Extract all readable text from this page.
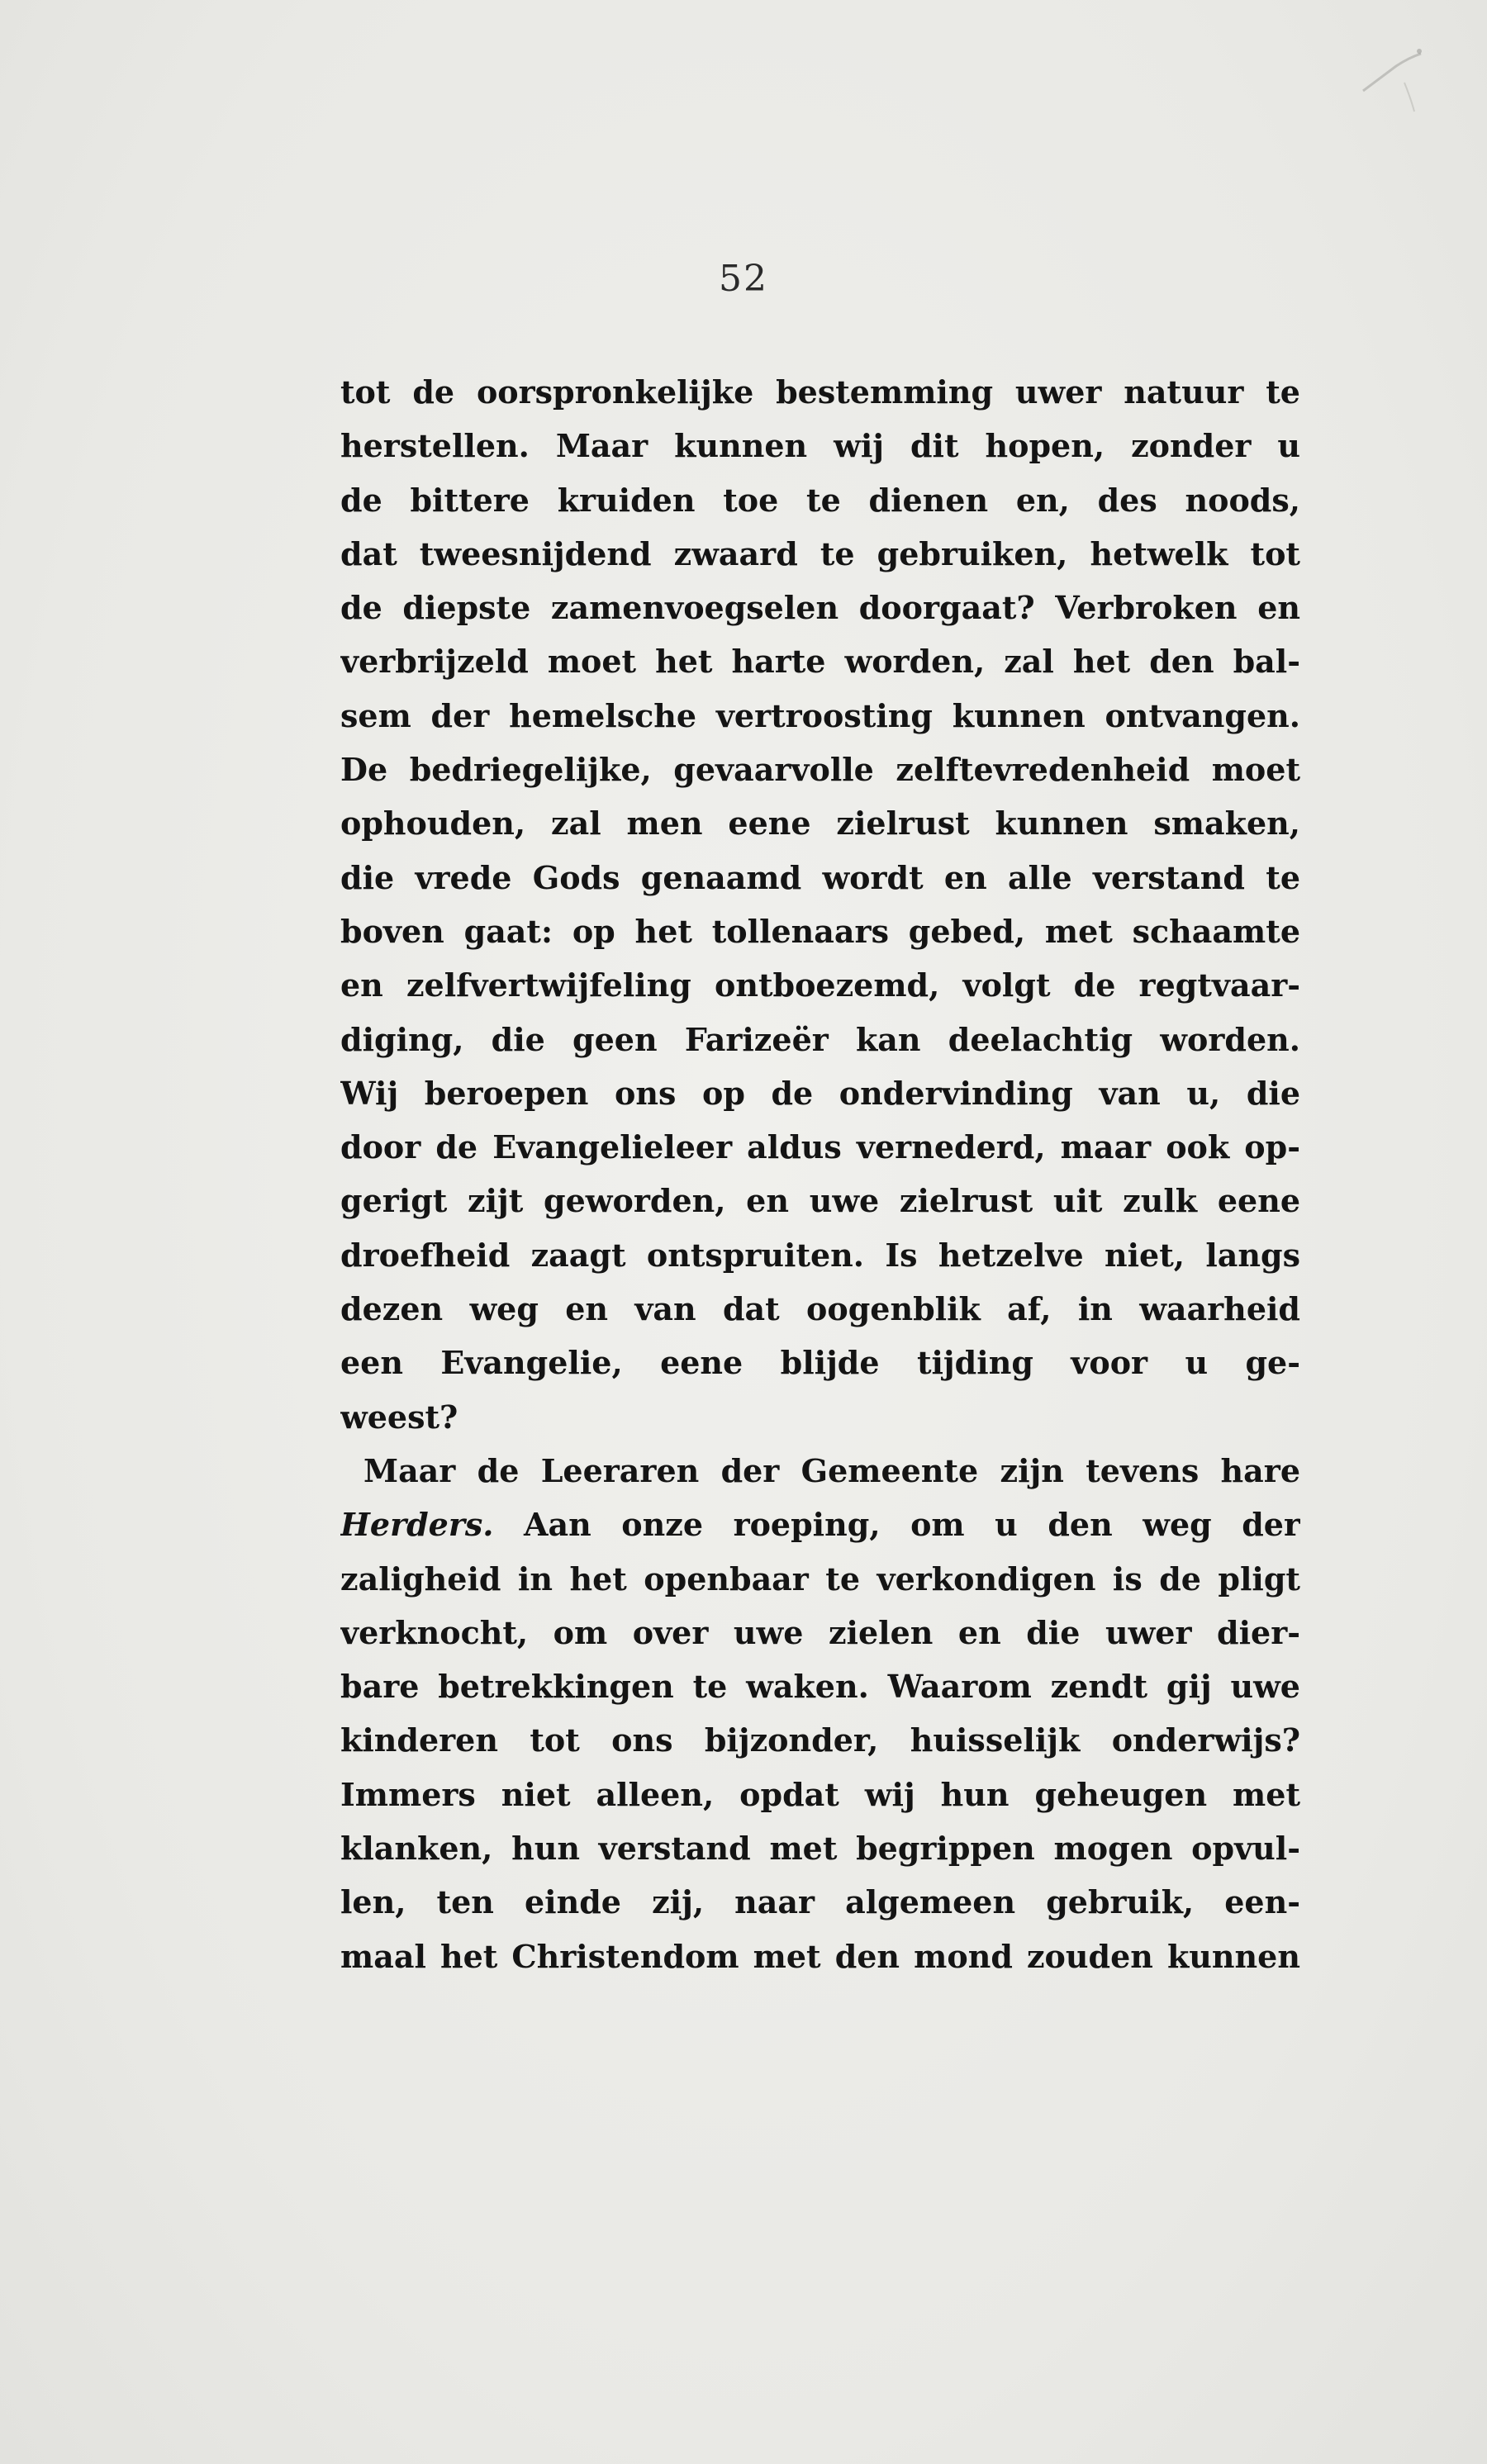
52
tot de oorspronkelijke bestemming uwer natuur te
herstellen. Maar kunnen wij dit hopen, zonder u
de bittere kruiden toe te dienen en, des noods,
dat tweesnijdend zwaard te gebruiken, hetwelk tot
de diepste zamenvoegselen doorgaat? Verbroken en
verbrijzeld moet het harte worden, zal het den bal-
sem der hemelsche vertroosting kunnen ontvangen.
De bedriegelijke, gevaarvolle zelftevredenheid moet
ophouden, zal men eene zielrust kunnen smaken,
die vrede Gods genaamd wordt en alle verstand te
boven gaat: op het tollenaars gebed, met schaamte
en zelfvertwijfeling ontboezemd, volgt de regtvaar-
diging, die geen Farizeër kan deelachtig worden.
Wij beroepen ons op de ondervinding van u, die
door de Evangelieleer aldus vernederd, maar ook op-
gerigt zijt geworden, en uwe zielrust uit zulk eene
droefheid zaagt ontspruiten. Is hetzelve niet, langs
dezen weg en van dat oogenblik af, in waarheid
een Evangelie, eene blijde tijding voor u ge-
weest?
Maar de Leeraren der Gemeente zijn tevens hare
Herders. Aan onze roeping, om u den weg der
zaligheid in het openbaar te verkondigen is de pligt
verknocht, om over uwe zielen en die uwer dier-
bare betrekkingen te waken. Waarom zendt gij uwe
kinderen tot ons bijzonder, huisselijk onderwijs?
Immers niet alleen, opdat wij hun geheugen met
klanken, hun verstand met begrippen mogen opvul-
len, ten einde zij, naar algemeen gebruik, een-
maal het Christendom met den mond zouden kunnen
